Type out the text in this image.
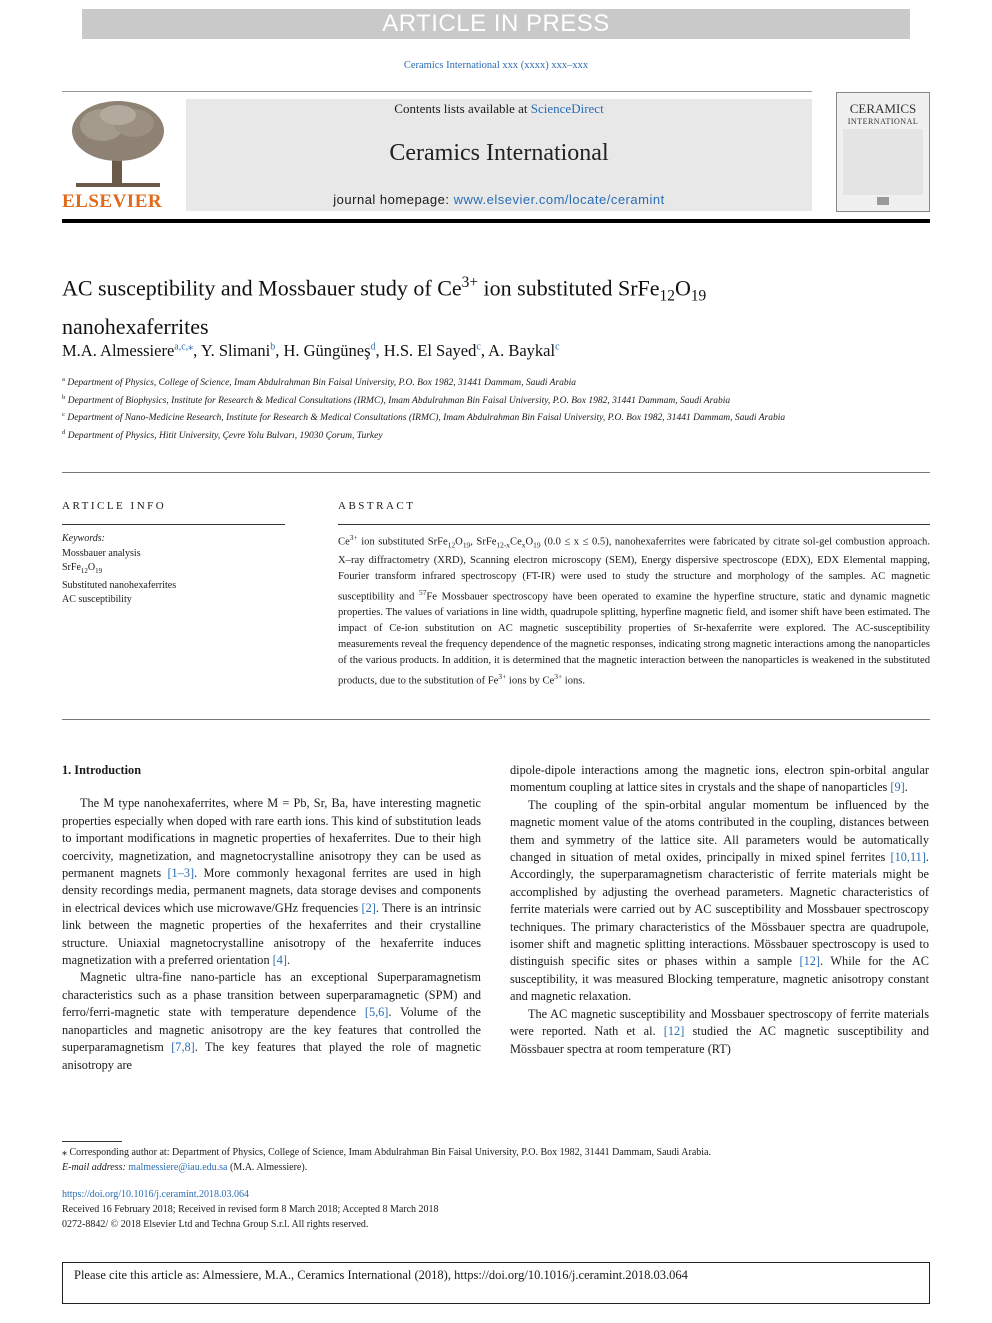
ARTICLE IN PRESS
Ceramics International xxx (xxxx) xxx–xxx
ELSEVIER
Contents lists available at ScienceDirect
Ceramics International
journal homepage: www.elsevier.com/locate/ceramint
CERAMICS
INTERNATIONAL
AC susceptibility and Mossbauer study of $Ce^{3+}$ ion substituted $SrFe_{12}O_{19}$
nanohexaferrites
M.A. Almessiere$^{a,c,⁎}$, Y. Slimani$^b$, H. Güngüneş$^d$, H.S. El Sayed$^c$, A. Baykal$^c$

$^a$ Department of Physics, College of Science, Imam Abdulrahman Bin Faisal University, P.O. Box 1982, 31441 Dammam, Saudi Arabia

$^b$ Department of Biophysics, Institute for Research & Medical Consultations (IRMC), Imam Abdulrahman Bin Faisal University, P.O. Box 1982, 31441 Dammam, Saudi Arabia

$^c$ Department of Nano-Medicine Research, Institute for Research & Medical Consultations (IRMC), Imam Abdulrahman Bin Faisal University, P.O. Box 1982, 31441 Dammam, Saudi Arabia

$^d$ Department of Physics, Hitit University, Çevre Yolu Bulvarı, 19030 Çorum, Turkey

ARTICLE INFO
Keywords:
Mossbauer analysis
$SrFe_{12}O_{19}$
Substituted nanohexaferrites
AC susceptibility
ABSTRACT
$Ce^{3+}$ ion substituted $SrFe_{12}O_{19}$, $SrFe_{12-x}Ce_xO_{19}$ (0.0 ≤ x ≤ 0.5), nanohexaferrites were fabricated by citrate sol-gel combustion approach. X–ray diffractometry (XRD), Scanning electron microscopy (SEM), Energy dispersive spectroscope (EDX), EDX Elemental mapping, Fourier transform infrared spectroscopy (FT-IR) were used to study the structure and morphology of the samples. AC magnetic susceptibility and $^{57}$Fe Mossbauer spectroscopy have been operated to examine the hyperfine structure, static and dynamic magnetic properties. The values of variations in line width, quadrupole splitting, hyperfine magnetic field, and isomer shift have been estimated. The impact of Ce-ion substitution on AC magnetic susceptibility properties of Sr-hexaferrite were explored. The AC-susceptibility measurements reveal the frequency dependence of the magnetic responses, indicating strong magnetic interactions among the nanoparticles of the various products. In addition, it is determined that the magnetic interaction between the nanoparticles is weakened in the substituted products, due to the substitution of $Fe^{3+}$ ions by $Ce^{3+}$ ions.

1. Introduction

The M type nanohexaferrites, where M = Pb, Sr, Ba, have interesting magnetic properties especially when doped with rare earth ions. This kind of substitution leads to important modifications in magnetic properties of hexaferrites. Due to their high coercivity, magnetization, and magnetocrystalline anisotropy they can be used as permanent magnets [1–3]. More commonly hexagonal ferrites are used in high density recordings media, permanent magnets, data storage devises and components in electrical devices which use microwave/GHz frequencies [2]. There is an intrinsic link between the magnetic properties of the hexaferrites and their crystalline structure. Uniaxial magnetocrystalline anisotropy of the hexaferrite induces magnetization with a preferred orientation [4].

Magnetic ultra-fine nano-particle has an exceptional Superparamagnetism characteristics such as a phase transition between superparamagnetic (SPM) and ferro/ferri-magnetic state with temperature dependence [5,6]. Volume of the nanoparticles and magnetic anisotropy are the key features that controlled the superparamagnetism [7,8]. The key features that played the role of magnetic anisotropy are

dipole-dipole interactions among the magnetic ions, electron spin-orbital angular momentum coupling at lattice sites in crystals and the shape of nanoparticles [9].

The coupling of the spin-orbital angular momentum be influenced by the magnetic moment value of the atoms contributed in the coupling, distances between them and symmetry of the lattice site. All parameters would be automatically changed in situation of metal oxides, principally in mixed spinel ferrites [10,11]. Accordingly, the superparamagnetism characteristic of ferrite materials might be accomplished by adjusting the overhead parameters. Magnetic characteristics of ferrite materials were carried out by AC susceptibility and Mossbauer spectroscopy techniques. The primary characteristics of the Mössbauer spectra are quadrupole, isomer shift and magnetic splitting interactions. Mössbauer spectroscopy is used to distinguish specific sites or phases within a sample [12]. While for the AC susceptibility, it was measured Blocking temperature, magnetic anisotropy constant and magnetic relaxation.

The AC magnetic susceptibility and Mossbauer spectroscopy of ferrite materials were reported. Nath et al. [12] studied the AC magnetic susceptibility and Mössbauer spectra at room temperature (RT)

⁎ Corresponding author at: Department of Physics, College of Science, Imam Abdulrahman Bin Faisal University, P.O. Box 1982, 31441 Dammam, Saudi Arabia.
E-mail address: malmessiere@iau.edu.sa (M.A. Almessiere).
https://doi.org/10.1016/j.ceramint.2018.03.064
Received 16 February 2018; Received in revised form 8 March 2018; Accepted 8 March 2018
0272-8842/ © 2018 Elsevier Ltd and Techna Group S.r.l. All rights reserved.
Please cite this article as: Almessiere, M.A., Ceramics International (2018), https://doi.org/10.1016/j.ceramint.2018.03.064
